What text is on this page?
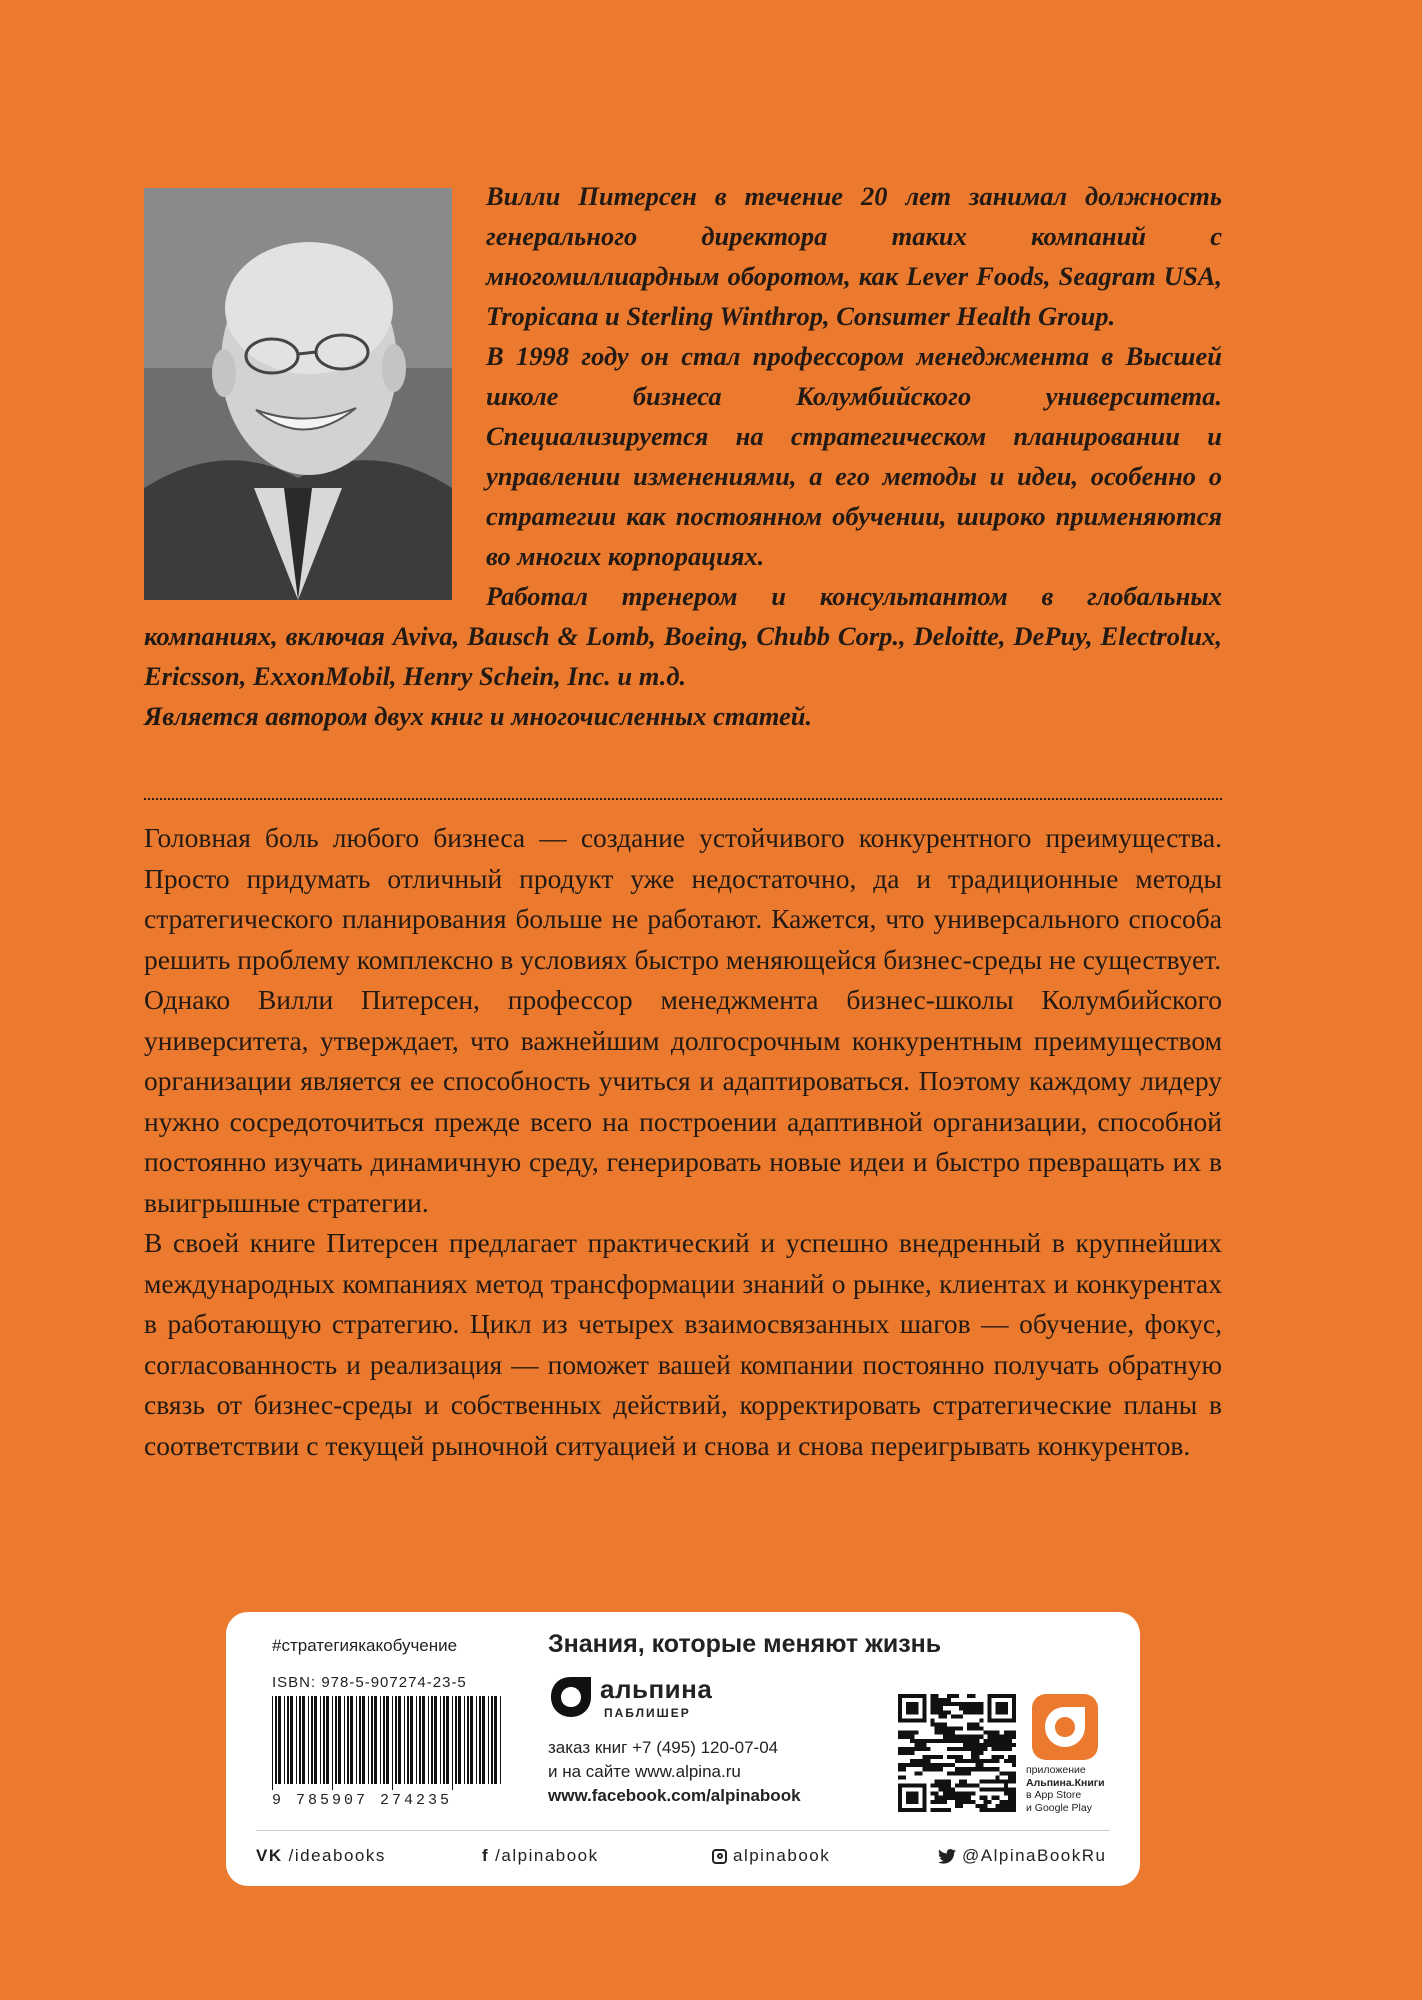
Вилли Питерсен в течение 20 лет занимал должность генерального директора таких компаний с многомиллиардным оборотом, как Lever Foods, Seagram USA, Tropicana и Sterling Winthrop, Consumer Health Group.

В 1998 году он стал профессором менеджмента в Высшей школе бизнеса Колумбийского университета. Специализируется на стратегическом планировании и управлении изменениями, а его методы и идеи, особенно о стратегии как постоянном обучении, широко применяются во многих корпорациях.

Работал тренером и консультантом в глобальных компаниях, включая Aviva, Bausch & Lomb, Boeing, Chubb Corp., Deloitte, DePuy, Electrolux, Ericsson, ExxonMobil, Henry Schein, Inc. и т.д.

Является автором двух книг и многочисленных статей.

Головная боль любого бизнеса — создание устойчивого конкурентного преимущества. Просто придумать отличный продукт уже недостаточно, да и традиционные методы стратегического планирования больше не работают. Кажется, что универсального способа решить проблему комплексно в условиях быстро меняющейся бизнес-среды не существует.

Однако Вилли Питерсен, профессор менеджмента бизнес-школы Колумбийского университета, утверждает, что важнейшим долгосрочным конкурентным преимуществом организации является ее способность учиться и адаптироваться. Поэтому каждому лидеру нужно сосредоточиться прежде всего на построении адаптивной организации, способной постоянно изучать динамичную среду, генерировать новые идеи и быстро превращать их в выигрышные стратегии.

В своей книге Питерсен предлагает практический и успешно внедренный в крупнейших международных компаниях метод трансформации знаний о рынке, клиентах и конкурентах в работающую стратегию. Цикл из четырех взаимосвязанных шагов — обучение, фокус, согласованность и реализация — поможет вашей компании постоянно получать обратную связь от бизнес-среды и собственных действий, корректировать стратегические планы в соответствии с текущей рыночной ситуацией и снова и снова переигрывать конкурентов.

#стратегиякакобучение
ISBN: 978-5-907274-23-5
9 785907 274235
Знания, которые меняют жизнь
альпина
ПАБЛИШЕР
заказ книг +7 (495) 120-07-04
и на сайте www.alpina.ru
www.facebook.com/alpinabook
приложение
Альпина.Книги
в App Store
и Google Play
VK /ideabooks	f /alpinabook	alpinabook	@AlpinaBookRu
